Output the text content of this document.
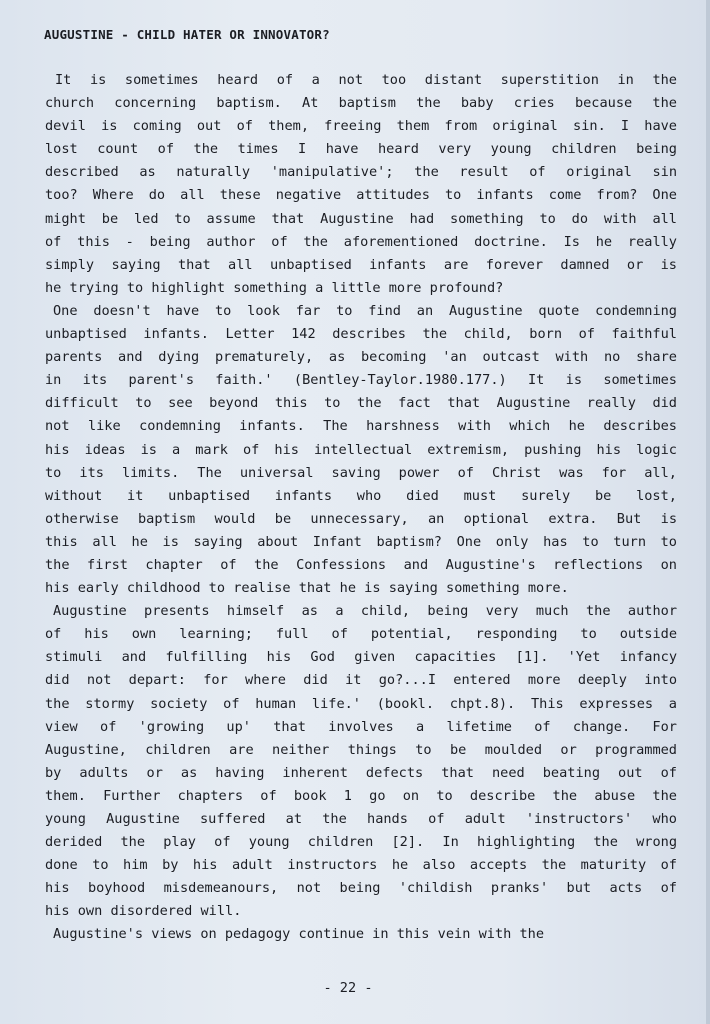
AUGUSTINE - CHILD HATER OR INNOVATOR?
It is sometimes heard of a not too distant superstition in the
church concerning baptism. At baptism the baby cries because the
devil is coming out of them, freeing them from original sin. I have
lost count of the times I have heard very young children being
described as naturally 'manipulative'; the result of original sin
too? Where do all these negative attitudes to infants come from? One
might be led to assume that Augustine had something to do with all
of this - being author of the aforementioned doctrine. Is he really
simply saying that all unbaptised infants are forever damned or is
he trying to highlight something a little more profound?
One doesn't have to look far to find an Augustine quote condemning
unbaptised infants. Letter 142 describes the child, born of faithful
parents and dying prematurely, as becoming 'an outcast with no share
in its parent's faith.' (Bentley-Taylor.1980.177.) It is sometimes
difficult to see beyond this to the fact that Augustine really did
not like condemning infants. The harshness with which he describes
his ideas is a mark of his intellectual extremism, pushing his logic
to its limits. The universal saving power of Christ was for all,
without it unbaptised infants who died must surely be lost,
otherwise baptism would be unnecessary, an optional extra. But is
this all he is saying about Infant baptism? One only has to turn to
the first chapter of the Confessions and Augustine's reflections on
his early childhood to realise that he is saying something more.
Augustine presents himself as a child, being very much the author
of his own learning; full of potential, responding to outside
stimuli and fulfilling his God given capacities [1]. 'Yet infancy
did not depart: for where did it go?...I entered more deeply into
the stormy society of human life.' (bookl. chpt.8). This expresses a
view of 'growing up' that involves a lifetime of change. For
Augustine, children are neither things to be moulded or programmed
by adults or as having inherent defects that need beating out of
them. Further chapters of book 1 go on to describe the abuse the
young Augustine suffered at the hands of adult 'instructors' who
derided the play of young children [2]. In highlighting the wrong
done to him by his adult instructors he also accepts the maturity of
his boyhood misdemeanours, not being 'childish pranks' but acts of
his own disordered will.
Augustine's views on pedagogy continue in this vein with the
- 22 -
